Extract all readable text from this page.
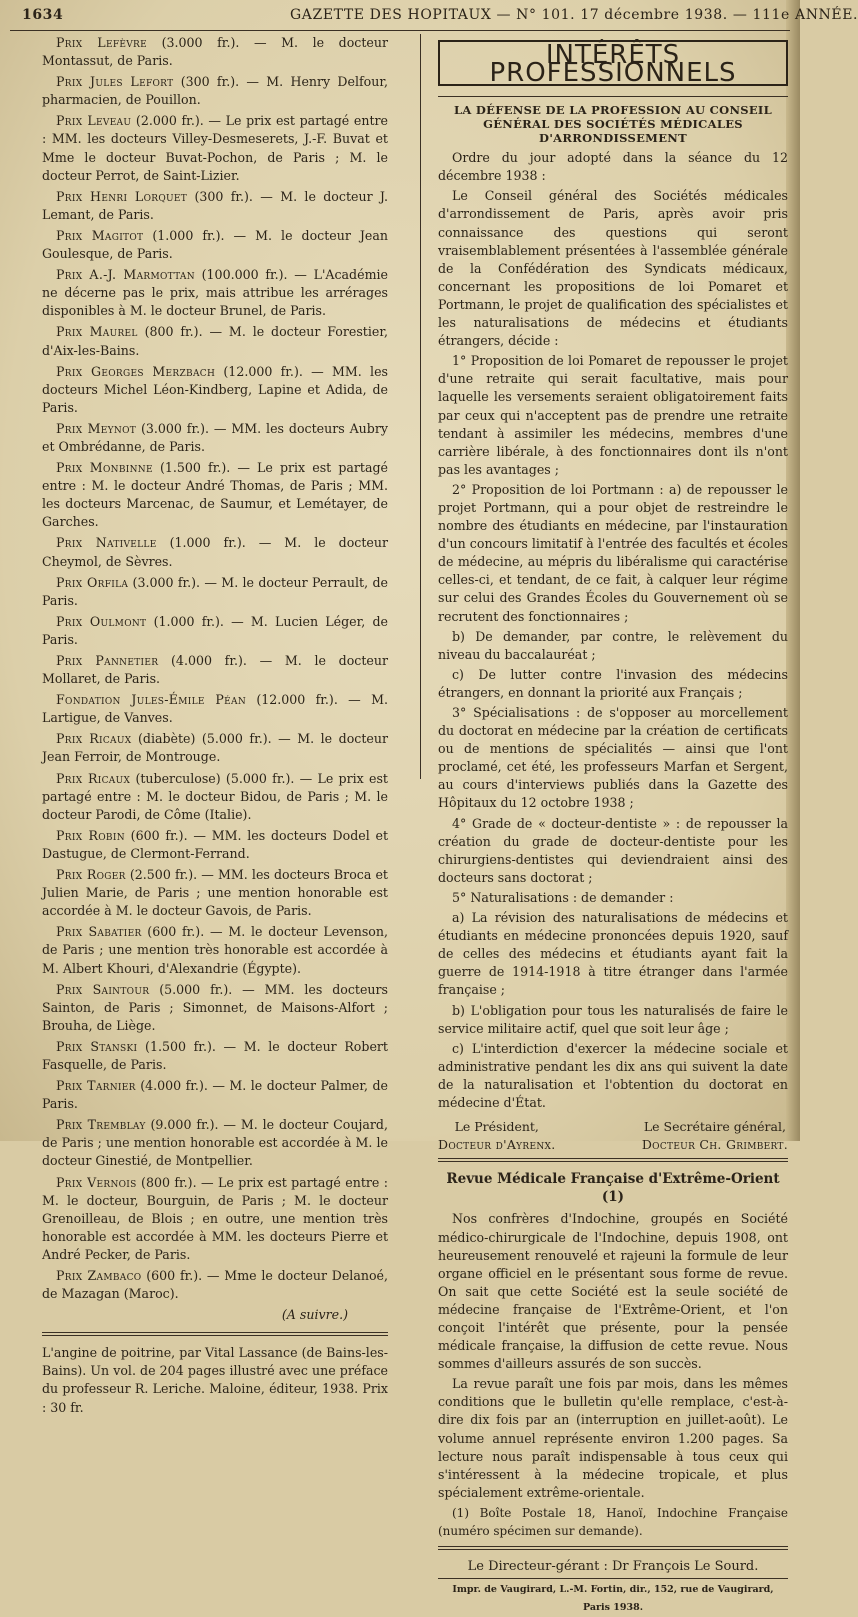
1634	GAZETTE DES HOPITAUX — N° 101. 17 décembre 1938. — 111e ANNÉE.

Prix Lefèvre (3.000 fr.). — M. le docteur Montassut, de Paris.

Prix Jules Lefort (300 fr.). — M. Henry Delfour, pharmacien, de Pouillon.

Prix Leveau (2.000 fr.). — Le prix est partagé entre : MM. les docteurs Villey-Desmeserets, J.-F. Buvat et Mme le docteur Buvat-Pochon, de Paris ; M. le docteur Perrot, de Saint-Lizier.

Prix Henri Lorquet (300 fr.). — M. le docteur J. Lemant, de Paris.

Prix Magitot (1.000 fr.). — M. le docteur Jean Goulesque, de Paris.

Prix A.-J. Marmottan (100.000 fr.). — L'Académie ne décerne pas le prix, mais attribue les arrérages disponibles à M. le docteur Brunel, de Paris.

Prix Maurel (800 fr.). — M. le docteur Forestier, d'Aix-les-Bains.

Prix Georges Merzbach (12.000 fr.). — MM. les docteurs Michel Léon-Kindberg, Lapine et Adida, de Paris.

Prix Meynot (3.000 fr.). — MM. les docteurs Aubry et Ombrédanne, de Paris.

Prix Monbinne (1.500 fr.). — Le prix est partagé entre : M. le docteur André Thomas, de Paris ; MM. les docteurs Marcenac, de Saumur, et Lemétayer, de Garches.

Prix Nativelle (1.000 fr.). — M. le docteur Cheymol, de Sèvres.

Prix Orfila (3.000 fr.). — M. le docteur Perrault, de Paris.

Prix Oulmont (1.000 fr.). — M. Lucien Léger, de Paris.

Prix Pannetier (4.000 fr.). — M. le docteur Mollaret, de Paris.

Fondation Jules-Émile Péan (12.000 fr.). — M. Lartigue, de Vanves.

Prix Ricaux (diabète) (5.000 fr.). — M. le docteur Jean Ferroir, de Montrouge.

Prix Ricaux (tuberculose) (5.000 fr.). — Le prix est partagé entre : M. le docteur Bidou, de Paris ; M. le docteur Parodi, de Côme (Italie).

Prix Robin (600 fr.). — MM. les docteurs Dodel et Dastugue, de Clermont-Ferrand.

Prix Roger (2.500 fr.). — MM. les docteurs Broca et Julien Marie, de Paris ; une mention honorable est accordée à M. le docteur Gavois, de Paris.

Prix Sabatier (600 fr.). — M. le docteur Levenson, de Paris ; une mention très honorable est accordée à M. Albert Khouri, d'Alexandrie (Égypte).

Prix Saintour (5.000 fr.). — MM. les docteurs Sainton, de Paris ; Simonnet, de Maisons-Alfort ; Brouha, de Liège.

Prix Stanski (1.500 fr.). — M. le docteur Robert Fasquelle, de Paris.

Prix Tarnier (4.000 fr.). — M. le docteur Palmer, de Paris.

Prix Tremblay (9.000 fr.). — M. le docteur Coujard, de Paris ; une mention honorable est accordée à M. le docteur Ginestié, de Montpellier.

Prix Vernois (800 fr.). — Le prix est partagé entre : M. le docteur, Bourguin, de Paris ; M. le docteur Grenoilleau, de Blois ; en outre, une mention très honorable est accordée à MM. les docteurs Pierre et André Pecker, de Paris.

Prix Zambaco (600 fr.). — Mme le docteur Delanoé, de Mazagan (Maroc).

(A suivre.)

L'angine de poitrine, par Vital Lassance (de Bains-les-Bains). Un vol. de 204 pages illustré avec une préface du professeur R. Leriche. Maloine, éditeur, 1938. Prix : 30 fr.

INTÉRÊTS PROFESSIONNELS
LA DÉFENSE DE LA PROFESSION AU CONSEIL GÉNÉRAL DES SOCIÉTÉS MÉDICALES D'ARRONDISSEMENT

Ordre du jour adopté dans la séance du 12 décembre 1938 :

Le Conseil général des Sociétés médicales d'arrondissement de Paris, après avoir pris connaissance des questions qui seront vraisemblablement présentées à l'assemblée générale de la Confédération des Syndicats médicaux, concernant les propositions de loi Pomaret et Portmann, le projet de qualification des spécialistes et les naturalisations de médecins et étudiants étrangers, décide :

1° Proposition de loi Pomaret de repousser le projet d'une retraite qui serait facultative, mais pour laquelle les versements seraient obligatoirement faits par ceux qui n'acceptent pas de prendre une retraite tendant à assimiler les médecins, membres d'une carrière libérale, à des fonctionnaires dont ils n'ont pas les avantages ;

2° Proposition de loi Portmann : a) de repousser le projet Portmann, qui a pour objet de restreindre le nombre des étudiants en médecine, par l'instauration d'un concours limitatif à l'entrée des facultés et écoles de médecine, au mépris du libéralisme qui caractérise celles-ci, et tendant, de ce fait, à calquer leur régime sur celui des Grandes Écoles du Gouvernement où se recrutent des fonctionnaires ;

b) De demander, par contre, le relèvement du niveau du baccalauréat ;

c) De lutter contre l'invasion des médecins étrangers, en donnant la priorité aux Français ;

3° Spécialisations : de s'opposer au morcellement du doctorat en médecine par la création de certificats ou de mentions de spécialités — ainsi que l'ont proclamé, cet été, les professeurs Marfan et Sergent, au cours d'interviews publiés dans la Gazette des Hôpitaux du 12 octobre 1938 ;

4° Grade de « docteur-dentiste » : de repousser la création du grade de docteur-dentiste pour les chirurgiens-dentistes qui deviendraient ainsi des docteurs sans doctorat ;

5° Naturalisations : de demander :

a) La révision des naturalisations de médecins et étudiants en médecine prononcées depuis 1920, sauf de celles des médecins et étudiants ayant fait la guerre de 1914-1918 à titre étranger dans l'armée française ;

b) L'obligation pour tous les naturalisés de faire le service militaire actif, quel que soit leur âge ;

c) L'interdiction d'exercer la médecine sociale et administrative pendant les dix ans qui suivent la date de la naturalisation et l'obtention du doctorat en médecine d'État.

Le Président,
Docteur d'Ayrenx.
Le Secrétaire général,
Docteur Ch. Grimbert.
Revue Médicale Française d'Extrême-Orient (1)

Nos confrères d'Indochine, groupés en Société médico-chirurgicale de l'Indochine, depuis 1908, ont heureusement renouvelé et rajeuni la formule de leur organe officiel en le présentant sous forme de revue. On sait que cette Société est la seule société de médecine française de l'Extrême-Orient, et l'on conçoit l'intérêt que présente, pour la pensée médicale française, la diffusion de cette revue. Nous sommes d'ailleurs assurés de son succès.

La revue paraît une fois par mois, dans les mêmes conditions que le bulletin qu'elle remplace, c'est-à-dire dix fois par an (interruption en juillet-août). Le volume annuel représente environ 1.200 pages. Sa lecture nous paraît indispensable à tous ceux qui s'intéressent à la médecine tropicale, et plus spécialement extrême-orientale.

(1) Boîte Postale 18, Hanoï, Indochine Française (numéro spécimen sur demande).

Le Directeur-gérant : Dr François Le Sourd.
Impr. de Vaugirard, L.-M. Fortin, dir., 152, rue de Vaugirard, Paris 1938.
